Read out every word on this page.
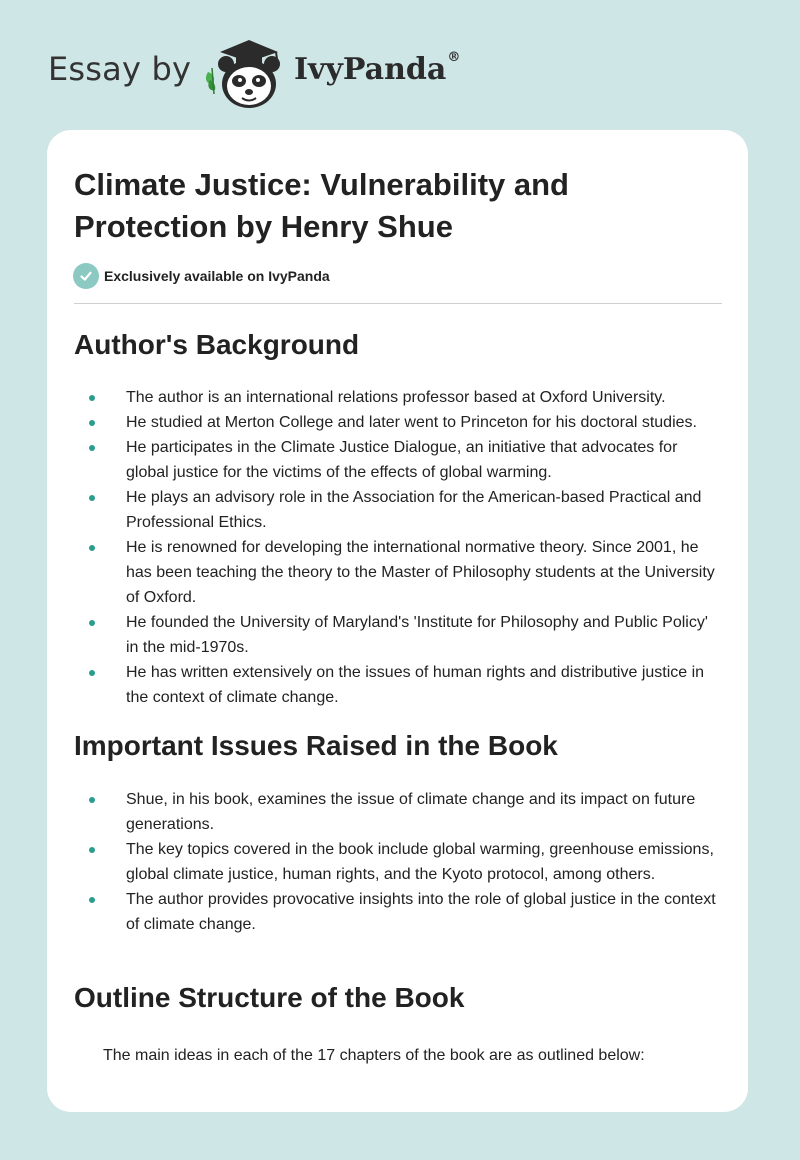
Essay by	IvyPanda®
Climate Justice: Vulnerability and Protection by Henry Shue
Exclusively available on IvyPanda
Author's Background
The author is an international relations professor based at Oxford University.
He studied at Merton College and later went to Princeton for his doctoral studies.
He participates in the Climate Justice Dialogue, an initiative that advocates for global justice for the victims of the effects of global warming.
He plays an advisory role in the Association for the American-based Practical and Professional Ethics.
He is renowned for developing the international normative theory. Since 2001, he has been teaching the theory to the Master of Philosophy students at the University of Oxford.
He founded the University of Maryland's 'Institute for Philosophy and Public Policy' in the mid-1970s.
He has written extensively on the issues of human rights and distributive justice in the context of climate change.
Important Issues Raised in the Book
Shue, in his book, examines the issue of climate change and its impact on future generations.
The key topics covered in the book include global warming, greenhouse emissions, global climate justice, human rights, and the Kyoto protocol, among others.
The author provides provocative insights into the role of global justice in the context of climate change.
Outline Structure of the Book

The main ideas in each of the 17 chapters of the book are as outlined below:
